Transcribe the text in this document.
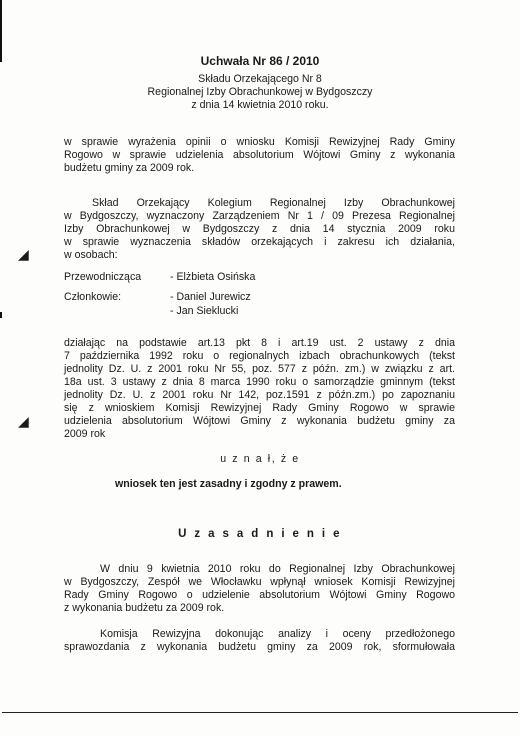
◢
◢
Uchwała Nr 86 / 2010
Składu Orzekającego Nr 8
Regionalnej Izby Obrachunkowej w Bydgoszczy
z dnia 14 kwietnia 2010 roku.
w sprawie wyrażenia opinii o wniosku Komisji Rewizyjnej Rady Gminy
Rogowo w sprawie udzielenia absolutorium Wójtowi Gminy z wykonania
budżetu gminy za 2009 rok.
Skład Orzekający Kolegium Regionalnej Izby Obrachunkowej
w Bydgoszczy, wyznaczony Zarządzeniem Nr 1 / 09 Prezesa Regionalnej
Izby Obrachunkowej w Bydgoszczy z dnia 14 stycznia 2009 roku
w sprawie wyznaczenia składów orzekających i zakresu ich działania,
w osobach:
Przewodnicząca	- Elżbieta Osińska
Członkowie:	- Daniel Jurewicz
- Jan Sieklucki
działając na podstawie art.13 pkt 8 i art.19 ust. 2 ustawy z dnia
7 października 1992 roku o regionalnych izbach obrachunkowych (tekst
jednolity Dz. U. z 2001 roku Nr 55, poz. 577 z późn. zm.) w związku z art.
18a ust. 3 ustawy z dnia 8 marca 1990 roku o samorządzie gminnym (tekst
jednolity Dz. U. z 2001 roku Nr 142, poz.1591 z późn.zm.) po zapoznaniu
się z wnioskiem Komisji Rewizyjnej Rady Gminy Rogowo w sprawie
udzielenia absolutorium Wójtowi Gminy z wykonania budżetu gminy za
2009 rok
u z n a ł, ż e
wniosek ten jest zasadny i zgodny z prawem.
U z a s a d n i e n i e
W dniu 9 kwietnia 2010 roku do Regionalnej Izby Obrachunkowej
w Bydgoszczy, Zespół we Włocławku wpłynął wniosek Komisji Rewizyjnej
Rady Gminy Rogowo o udzielenie absolutorium Wójtowi Gminy Rogowo
z wykonania budżetu za 2009 rok.
Komisja Rewizyjna dokonując analizy i oceny przedłożonego
sprawozdania z wykonania budżetu gminy za 2009 rok, sformułowała
